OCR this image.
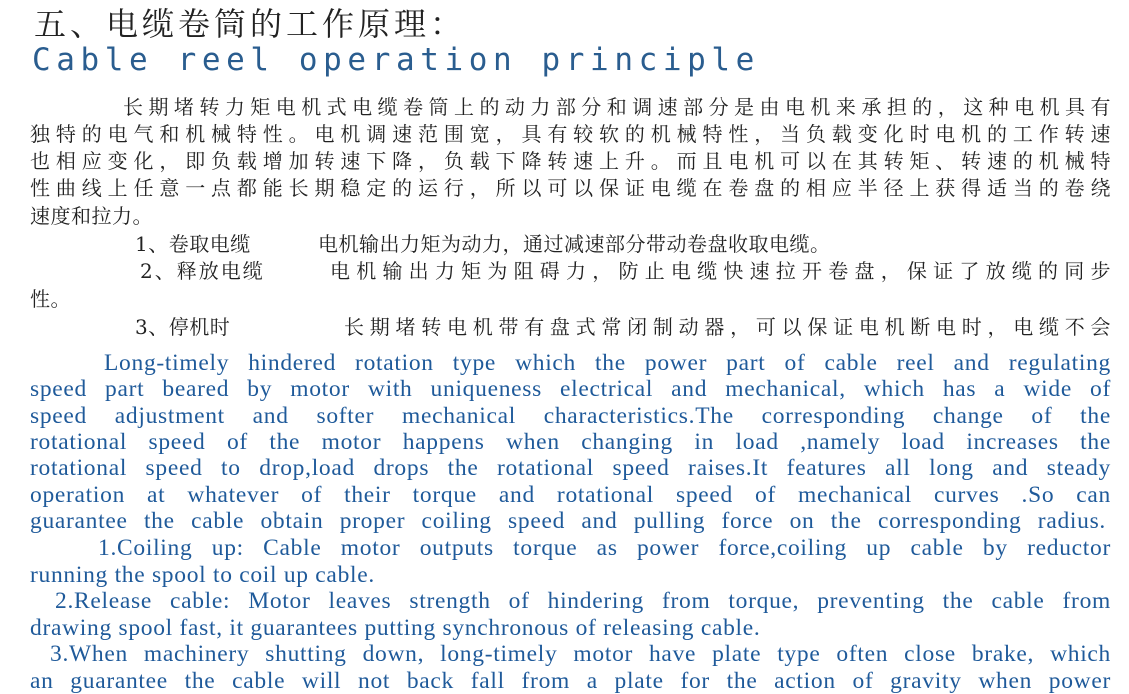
五、电缆卷筒的工作原理：
Cable reel operation principle
长期堵转力矩电机式电缆卷筒上的动力部分和调速部分是由电机来承担的，这种电机具有
独特的电气和机械特性。电机调速范围宽，具有较软的机械特性，当负载变化时电机的工作转速
也相应变化，即负载增加转速下降，负载下降转速上升。而且电机可以在其转矩、转速的机械特
性曲线上任意一点都能长期稳定的运行，所以可以保证电缆在卷盘的相应半径上获得适当的卷绕
速度和拉力。
1、卷取电缆	电机输出力矩为动力，通过减速部分带动卷盘收取电缆。
2、释放电缆	电机输出力矩为阻碍力，防止电缆快速拉开卷盘，保证了放缆的同步
性。
3、停机时	长期堵转电机带有盘式常闭制动器，可以保证电机断电时，电缆不会
Long-timely hindered rotation type which the power part of cable reel and regulating
speed part beared by motor with uniqueness electrical and mechanical, which has a wide of
speed adjustment and softer mechanical characteristics.The corresponding change of the
rotational speed of the motor happens when changing in load ,namely load increases the
rotational speed to drop,load drops the rotational speed raises.It features all long and steady
operation at whatever of their torque and rotational speed of mechanical curves .So can
guarantee the cable obtain proper coiling speed and pulling force on the corresponding radius.
1.Coiling up: Cable motor outputs torque as power force,coiling up cable by reductor
running the spool to coil up cable.
2.Release cable: Motor leaves strength of hindering from torque, preventing the cable from
drawing spool fast, it guarantees putting synchronous of releasing cable.
3.When machinery shutting down, long-timely motor have plate type often close brake, which
an guarantee the cable will not back fall from a plate for the action of gravity when power
